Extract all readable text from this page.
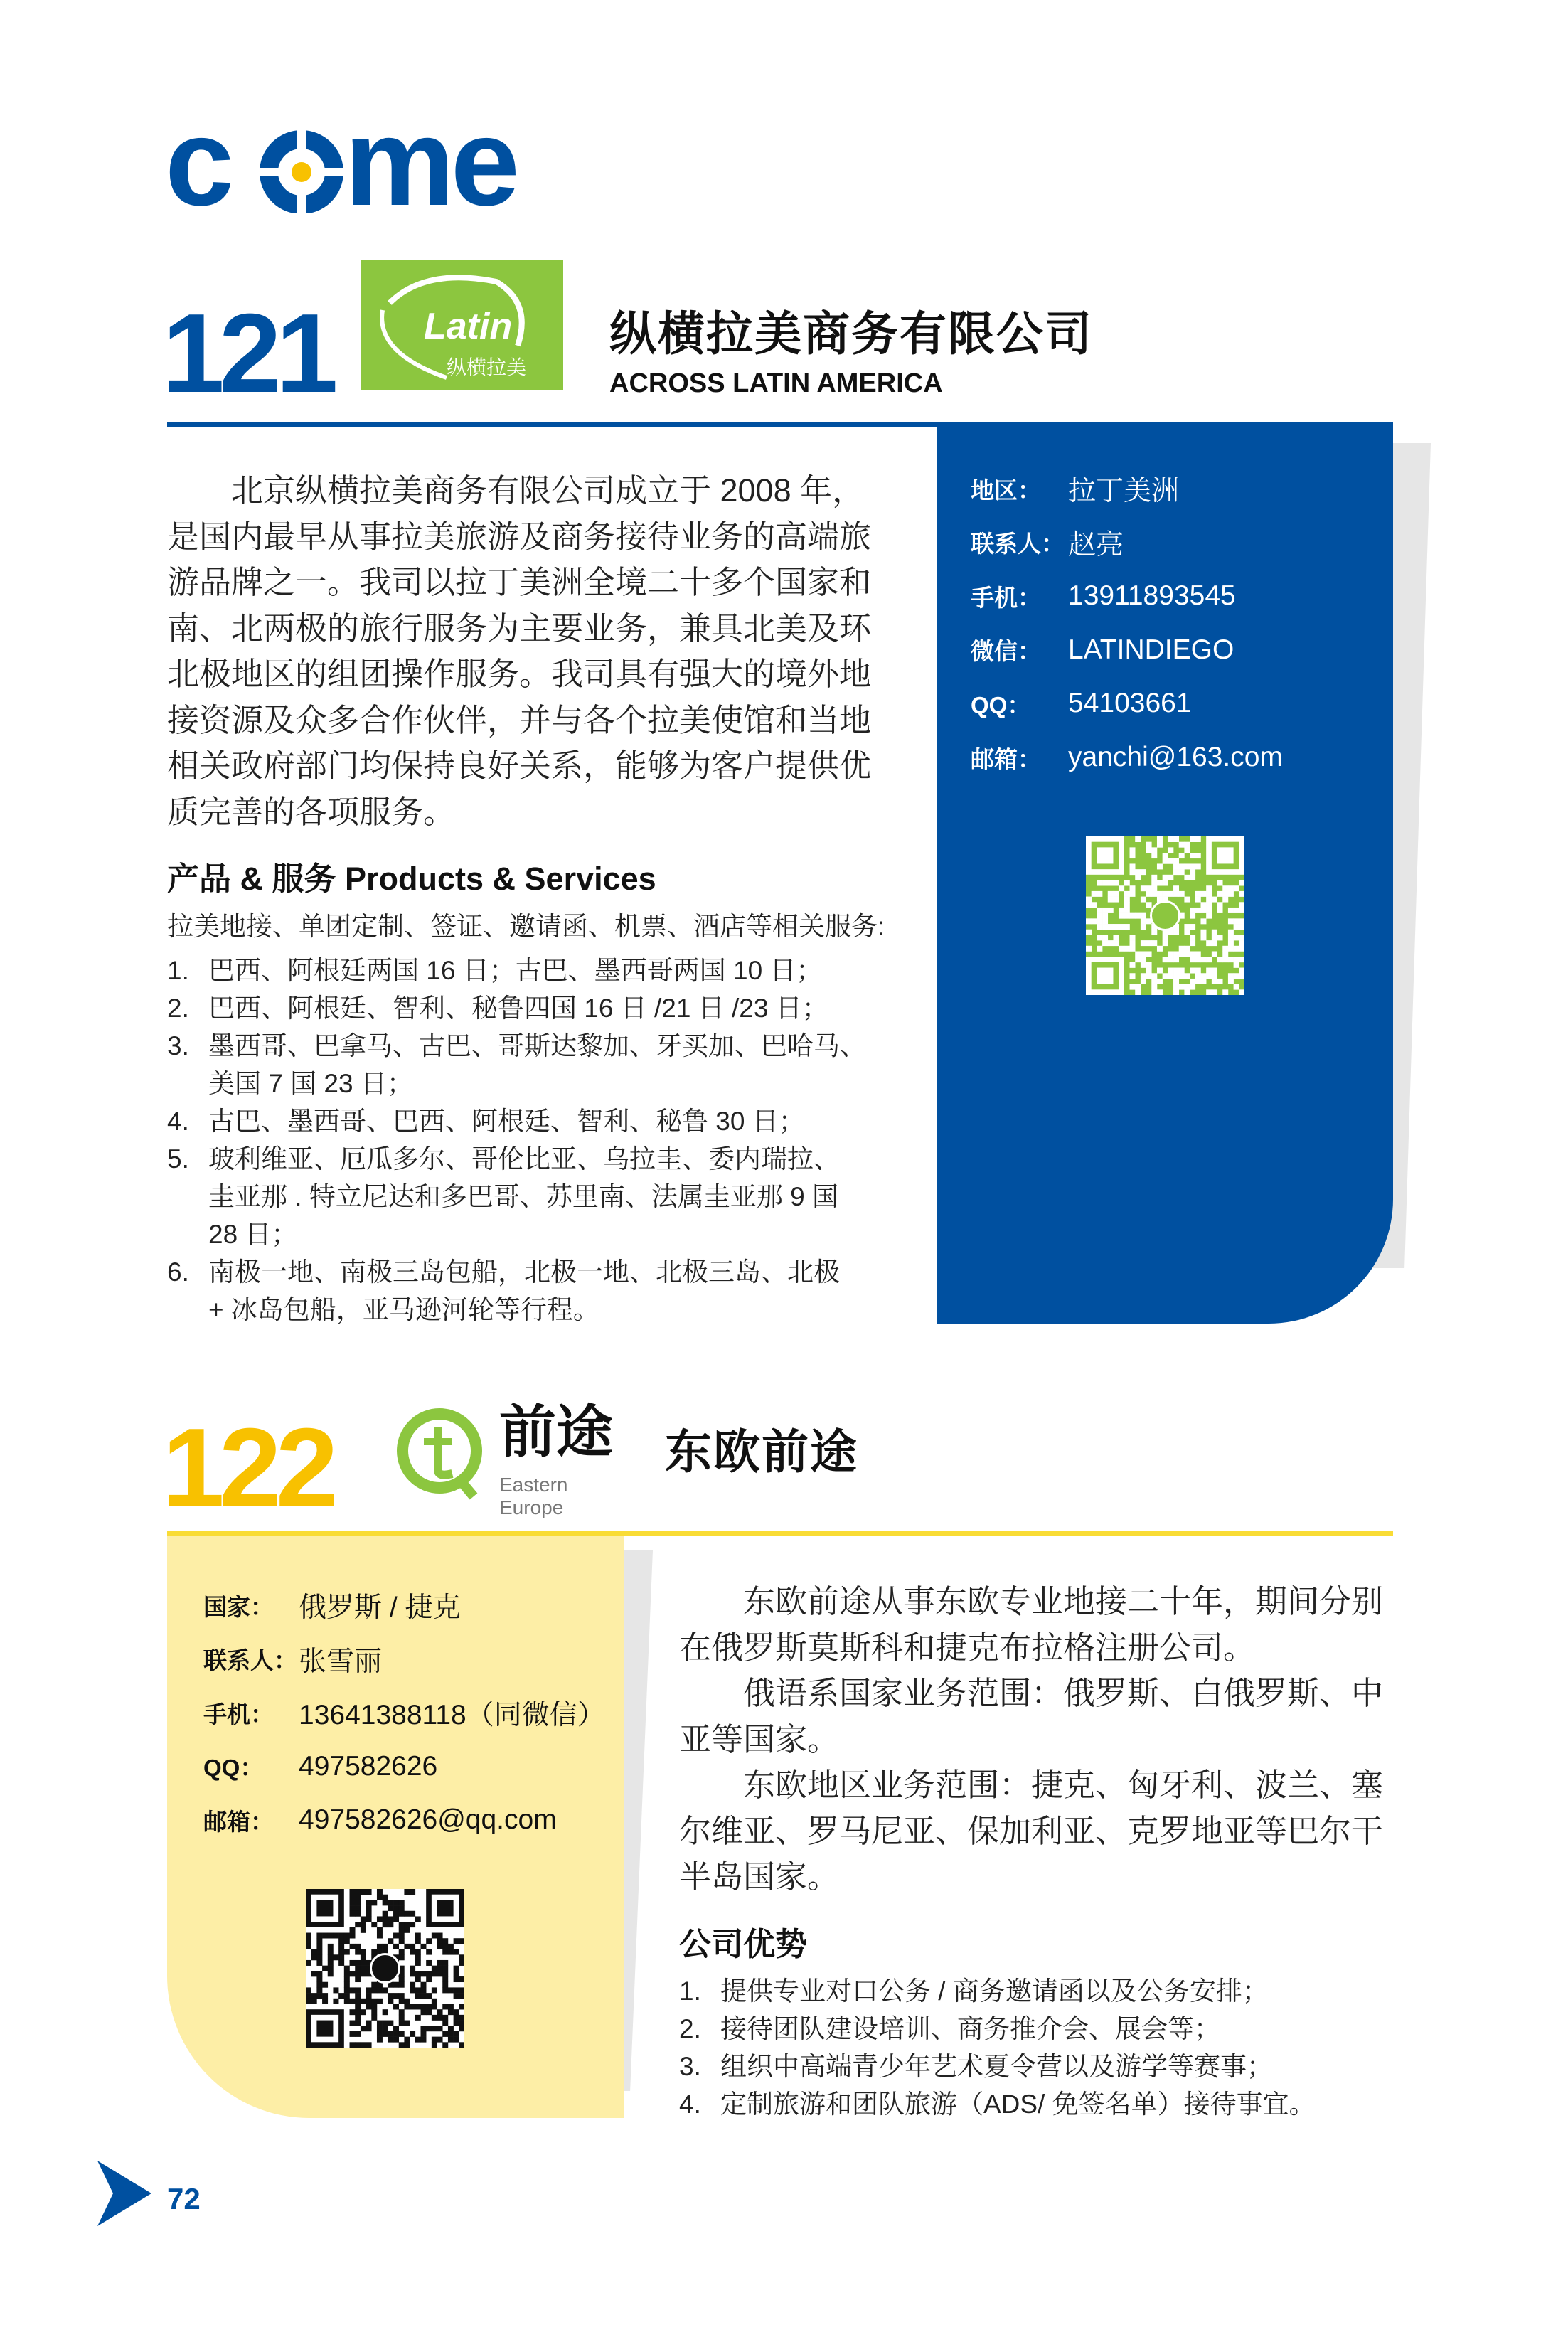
c me
121 Latin
纵横拉美
纵横拉美商务有限公司
ACROSS LATIN AMERICA
地区： 拉丁美洲
联系人： 赵亮
手机： 13911893545
微信： LATINDIEGO
QQ： 54103661
邮箱： yanchi@163.com
　　北京纵横拉美商务有限公司成立于 2008 年，
是国内最早从事拉美旅游及商务接待业务的高端旅
游品牌之一。我司以拉丁美洲全境二十多个国家和
南、北两极的旅行服务为主要业务，兼具北美及环
北极地区的组团操作服务。我司具有强大的境外地
接资源及众多合作伙伴，并与各个拉美使馆和当地
相关政府部门均保持良好关系，能够为客户提供优
质完善的各项服务。
产品 & 服务 Products & Services
拉美地接、单团定制、签证、邀请函、机票、酒店等相关服务:
1. 巴西、阿根廷两国 16 日；古巴、墨西哥两国 10 日；
2. 巴西、阿根廷、智利、秘鲁四国 16 日 /21 日 /23 日；
3. 墨西哥、巴拿马、古巴、哥斯达黎加、牙买加、巴哈马、
美国 7 国 23 日；
4. 古巴、墨西哥、巴西、阿根廷、智利、秘鲁 30 日；
5. 玻利维亚、厄瓜多尔、哥伦比亚、乌拉圭、委内瑞拉、
圭亚那 . 特立尼达和多巴哥、苏里南、法属圭亚那 9 国
28 日；
6. 南极一地、南极三岛包船，北极一地、北极三岛、北极
+ 冰岛包船，亚马逊河轮等行程。
122	前途
Eastern Europe
东欧前途
国家： 俄罗斯 / 捷克
联系人： 张雪丽
手机： 13641388118（同微信）
QQ： 497582626
邮箱： 497582626@qq.com
　　东欧前途从事东欧专业地接二十年，期间分别
在俄罗斯莫斯科和捷克布拉格注册公司。
　　俄语系国家业务范围：俄罗斯、白俄罗斯、中
亚等国家。
　　东欧地区业务范围：捷克、匈牙利、波兰、塞
尔维亚、罗马尼亚、保加利亚、克罗地亚等巴尔干
半岛国家。
公司优势
1. 提供专业对口公务 / 商务邀请函以及公务安排；
2. 接待团队建设培训、商务推介会、展会等；
3. 组织中高端青少年艺术夏令营以及游学等赛事；
4. 定制旅游和团队旅游（ADS/ 免签名单）接待事宜。
72
